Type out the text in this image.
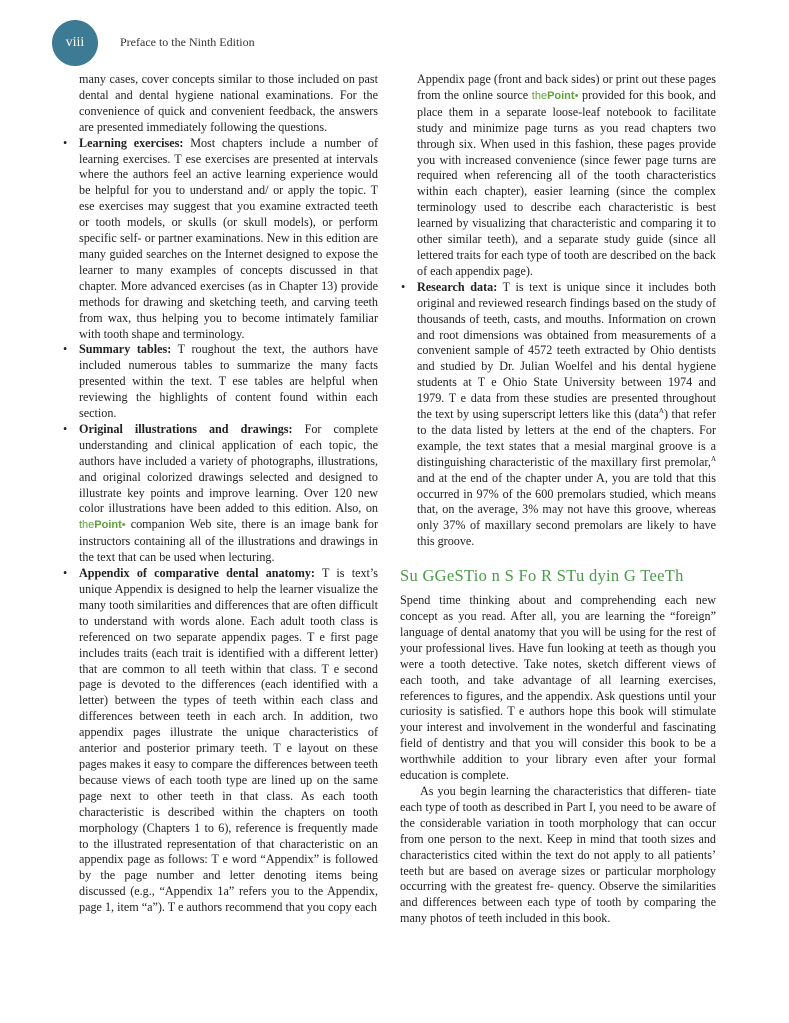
viii	Preface to the Ninth Edition

many cases, cover concepts similar to those included on past dental and dental hygiene national examinations. For the convenience of quick and convenient feedback, the answers are presented immediately following the questions.

• Learning exercises: Most chapters include a number of learning exercises. T ese exercises are presented at intervals where the authors feel an active learning experience would be helpful for you to understand and/ or apply the topic. T ese exercises may suggest that you examine extracted teeth or tooth models, or skulls (or skull models), or perform specific self- or partner examinations. New in this edition are many guided searches on the Internet designed to expose the learner to many examples of concepts discussed in that chapter. More advanced exercises (as in Chapter 13) provide methods for drawing and sketching teeth, and carving teeth from wax, thus helping you to become intimately familiar with tooth shape and terminology.
• Summary tables: T roughout the text, the authors have included numerous tables to summarize the many facts presented within the text. T ese tables are helpful when reviewing the highlights of content found within each section.
• Original illustrations and drawings: For complete understanding and clinical application of each topic, the authors have included a variety of photographs, illustrations, and original colorized drawings selected and designed to illustrate key points and improve learning. Over 120 new color illustrations have been added to this edition. Also, on thePoint• companion Web site, there is an image bank for instructors containing all of the illustrations and drawings in the text that can be used when lecturing.
• Appendix of comparative dental anatomy: T is text’s unique Appendix is designed to help the learner visualize the many tooth similarities and differences that are often difficult to understand with words alone. Each adult tooth class is referenced on two separate appendix pages. T e first page includes traits (each trait is identified with a different letter) that are common to all teeth within that class. T e second page is devoted to the differences (each identified with a letter) between the types of teeth within each class and differences between teeth in each arch. In addition, two appendix pages illustrate the unique characteristics of anterior and posterior primary teeth. T e layout on these pages makes it easy to compare the differences between teeth because views of each tooth type are lined up on the same page next to other teeth in that class. As each tooth characteristic is described within the chapters on tooth morphology (Chapters 1 to 6), reference is frequently made to the illustrated representation of that characteristic on an appendix page as follows: T e word “Appendix” is followed by the page number and letter denoting items being discussed (e.g., “Appendix 1a” refers you to the Appendix, page 1, item “a”). T e authors recommend that you copy each

Appendix page (front and back sides) or print out these pages from the online source thePoint• provided for this book, and place them in a separate loose-leaf notebook to facilitate study and minimize page turns as you read chapters two through six. When used in this fashion, these pages provide you with increased convenience (since fewer page turns are required when referencing all of the tooth characteristics within each chapter), easier learning (since the complex terminology used to describe each characteristic is best learned by visualizing that characteristic and comparing it to other similar teeth), and a separate study guide (since all lettered traits for each type of tooth are described on the back of each appendix page).

• Research data: T is text is unique since it includes both original and reviewed research findings based on the study of thousands of teeth, casts, and mouths. Information on crown and root dimensions was obtained from measurements of a convenient sample of 4572 teeth extracted by Ohio dentists and studied by Dr. Julian Woelfel and his dental hygiene students at T e Ohio State University between 1974 and 1979. T e data from these studies are presented throughout the text by using superscript letters like this (data$^A$) that refer to the data listed by letters at the end of the chapters. For example, the text states that a mesial marginal groove is a distinguishing characteristic of the maxillary first premolar,$^A$ and at the end of the chapter under A, you are told that this occurred in 97% of the 600 premolars studied, which means that, on the average, 3% may not have this groove, whereas only 37% of maxillary second premolars are likely to have this groove.
Su GGeSTio n S Fo R STu dyin G TeeTh

Spend time thinking about and comprehending each new concept as you read. After all, you are learning the “foreign” language of dental anatomy that you will be using for the rest of your professional lives. Have fun looking at teeth as though you were a tooth detective. Take notes, sketch different views of each tooth, and take advantage of all learning exercises, references to figures, and the appendix. Ask questions until your curiosity is satisfied. T e authors hope this book will stimulate your interest and involvement in the wonderful and fascinating field of dentistry and that you will consider this book to be a worthwhile addition to your library even after your formal education is complete.

As you begin learning the characteristics that differen- tiate each type of tooth as described in Part I, you need to be aware of the considerable variation in tooth morphology that can occur from one person to the next. Keep in mind that tooth sizes and characteristics cited within the text do not apply to all patients’ teeth but are based on average sizes or particular morphology occurring with the greatest fre- quency. Observe the similarities and differences between each type of tooth by comparing the many photos of teeth included in this book.
